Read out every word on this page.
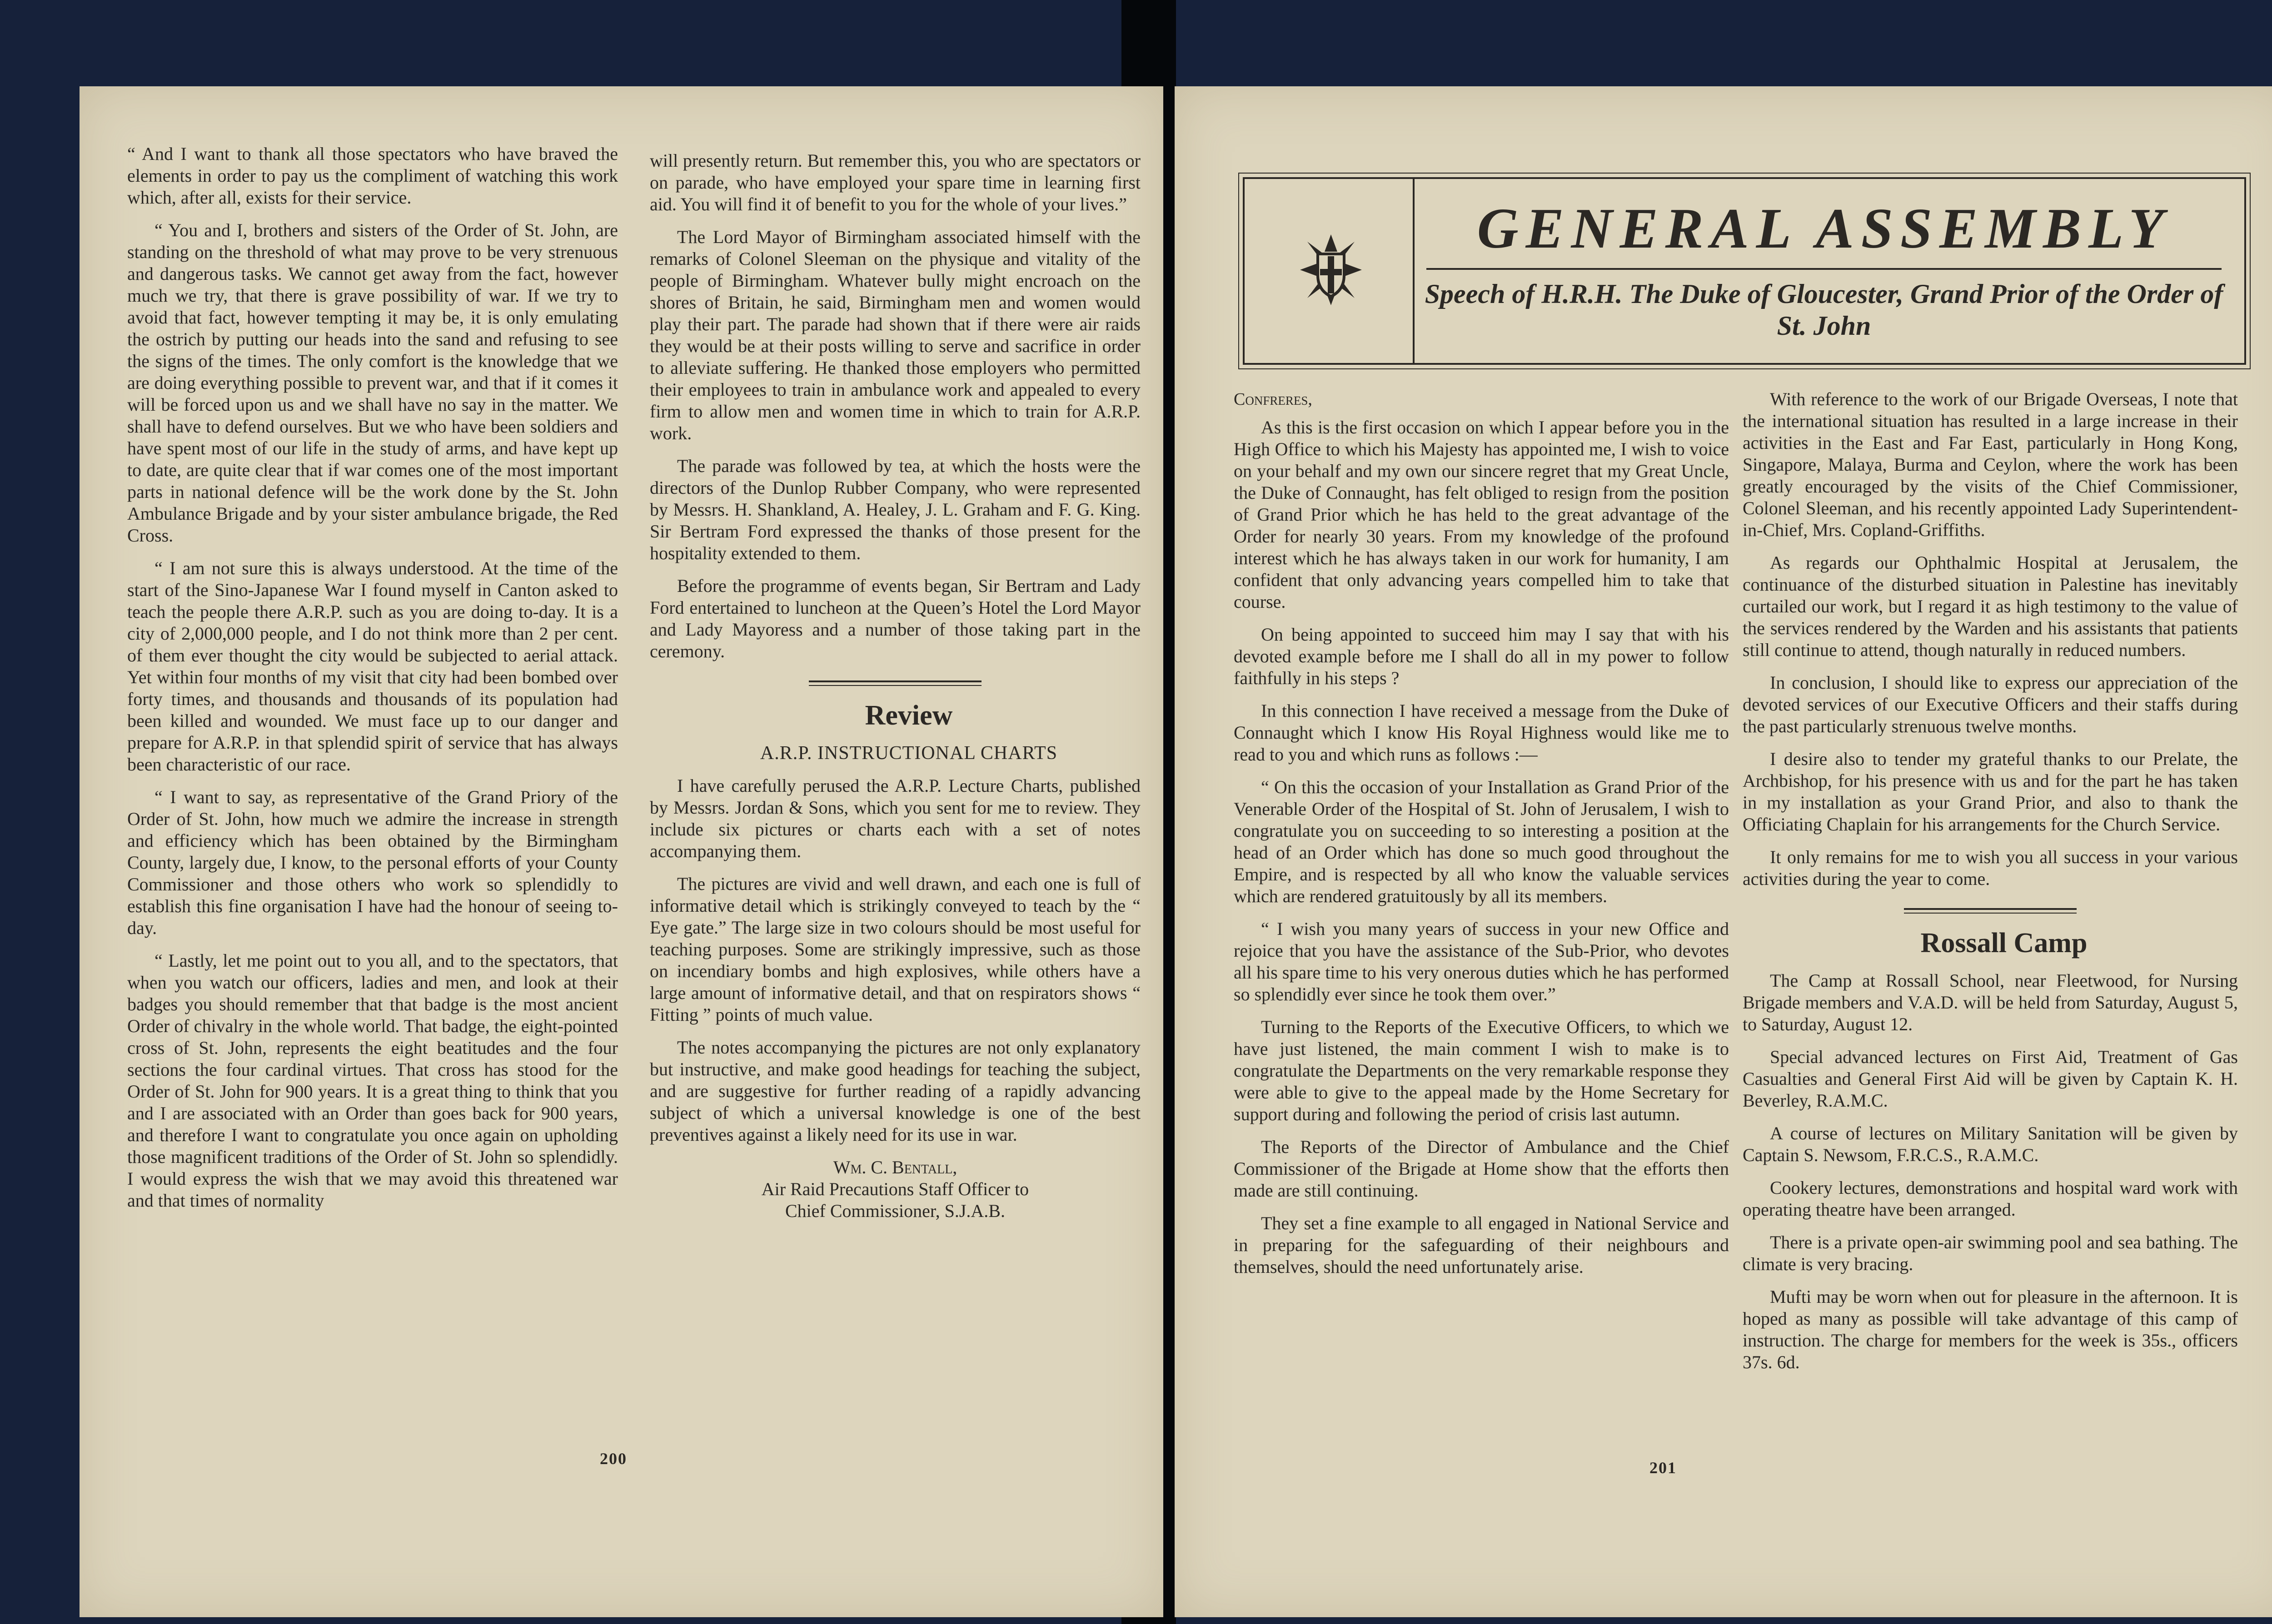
“ And I want to thank all those spectators who have braved the elements in order to pay us the compliment of watching this work which, after all, exists for their service.

“ You and I, brothers and sisters of the Order of St. John, are standing on the threshold of what may prove to be very strenuous and dangerous tasks. We cannot get away from the fact, however much we try, that there is grave possibility of war. If we try to avoid that fact, however tempting it may be, it is only emulating the ostrich by putting our heads into the sand and refusing to see the signs of the times. The only comfort is the knowledge that we are doing everything possible to prevent war, and that if it comes it will be forced upon us and we shall have no say in the matter. We shall have to defend ourselves. But we who have been soldiers and have spent most of our life in the study of arms, and have kept up to date, are quite clear that if war comes one of the most important parts in national defence will be the work done by the St. John Ambulance Brigade and by your sister ambulance brigade, the Red Cross.

“ I am not sure this is always understood. At the time of the start of the Sino-Japanese War I found myself in Canton asked to teach the people there A.R.P. such as you are doing to-day. It is a city of 2,000,000 people, and I do not think more than 2 per cent. of them ever thought the city would be subjected to aerial attack. Yet within four months of my visit that city had been bombed over forty times, and thousands and thousands of its population had been killed and wounded. We must face up to our danger and prepare for A.R.P. in that splendid spirit of service that has always been characteristic of our race.

“ I want to say, as representative of the Grand Priory of the Order of St. John, how much we admire the increase in strength and efficiency which has been obtained by the Birmingham County, largely due, I know, to the personal efforts of your County Commissioner and those others who work so splendidly to establish this fine organisation I have had the honour of seeing to-day.

“ Lastly, let me point out to you all, and to the spectators, that when you watch our officers, ladies and men, and look at their badges you should remember that that badge is the most ancient Order of chivalry in the whole world. That badge, the eight-pointed cross of St. John, represents the eight beatitudes and the four sections the four cardinal virtues. That cross has stood for the Order of St. John for 900 years. It is a great thing to think that you and I are associated with an Order than goes back for 900 years, and therefore I want to congratulate you once again on upholding those magnificent traditions of the Order of St. John so splendidly. I would express the wish that we may avoid this threatened war and that times of normality

will presently return. But remember this, you who are spectators or on parade, who have employed your spare time in learning first aid. You will find it of benefit to you for the whole of your lives.”

The Lord Mayor of Birmingham associated himself with the remarks of Colonel Sleeman on the physique and vitality of the people of Birmingham. Whatever bully might encroach on the shores of Britain, he said, Birmingham men and women would play their part. The parade had shown that if there were air raids they would be at their posts willing to serve and sacrifice in order to alleviate suffering. He thanked those employers who permitted their employees to train in ambulance work and appealed to every firm to allow men and women time in which to train for A.R.P. work.

The parade was followed by tea, at which the hosts were the directors of the Dunlop Rubber Company, who were represented by Messrs. H. Shankland, A. Healey, J. L. Graham and F. G. King. Sir Bertram Ford expressed the thanks of those present for the hospitality extended to them.

Before the programme of events began, Sir Bertram and Lady Ford entertained to luncheon at the Queen’s Hotel the Lord Mayor and Lady Mayoress and a number of those taking part in the ceremony.

Review

A.R.P. INSTRUCTIONAL CHARTS

I have carefully perused the A.R.P. Lecture Charts, published by Messrs. Jordan & Sons, which you sent for me to review. They include six pictures or charts each with a set of notes accompanying them.

The pictures are vivid and well drawn, and each one is full of informative detail which is strikingly conveyed to teach by the “ Eye gate.” The large size in two colours should be most useful for teaching purposes. Some are strikingly impressive, such as those on incendiary bombs and high explosives, while others have a large amount of informative detail, and that on respirators shows “ Fitting ” points of much value.

The notes accompanying the pictures are not only explanatory but instructive, and make good headings for teaching the subject, and are suggestive for further reading of a rapidly advancing subject of which a universal knowledge is one of the best preventives against a likely need for its use in war.

Wm. C. Bentall,

Air Raid Precautions Staff Officer to

Chief Commissioner, S.J.A.B.

200
GENERAL ASSEMBLY
Speech of H.R.H. The Duke of Gloucester, Grand Prior of the Order of St. John

Confreres,

As this is the first occasion on which I appear before you in the High Office to which his Majesty has appointed me, I wish to voice on your behalf and my own our sincere regret that my Great Uncle, the Duke of Connaught, has felt obliged to resign from the position of Grand Prior which he has held to the great advantage of the Order for nearly 30 years. From my knowledge of the profound interest which he has always taken in our work for humanity, I am confident that only advancing years compelled him to take that course.

On being appointed to succeed him may I say that with his devoted example before me I shall do all in my power to follow faithfully in his steps ?

In this connection I have received a message from the Duke of Connaught which I know His Royal Highness would like me to read to you and which runs as follows :—

“ On this the occasion of your Installation as Grand Prior of the Venerable Order of the Hospital of St. John of Jerusalem, I wish to congratulate you on succeeding to so interesting a position at the head of an Order which has done so much good throughout the Empire, and is respected by all who know the valuable services which are rendered gratuitously by all its members.

“ I wish you many years of success in your new Office and rejoice that you have the assistance of the Sub-Prior, who devotes all his spare time to his very onerous duties which he has performed so splendidly ever since he took them over.”

Turning to the Reports of the Executive Officers, to which we have just listened, the main comment I wish to make is to congratulate the Departments on the very remarkable response they were able to give to the appeal made by the Home Secretary for support during and following the period of crisis last autumn.

The Reports of the Director of Ambulance and the Chief Commissioner of the Brigade at Home show that the efforts then made are still continuing.

They set a fine example to all engaged in National Service and in preparing for the safeguarding of their neighbours and themselves, should the need unfortunately arise.

With reference to the work of our Brigade Overseas, I note that the international situation has resulted in a large increase in their activities in the East and Far East, particularly in Hong Kong, Singapore, Malaya, Burma and Ceylon, where the work has been greatly encouraged by the visits of the Chief Commissioner, Colonel Sleeman, and his recently appointed Lady Superintendent-in-Chief, Mrs. Copland-Griffiths.

As regards our Ophthalmic Hospital at Jerusalem, the continuance of the disturbed situation in Palestine has inevitably curtailed our work, but I regard it as high testimony to the value of the services rendered by the Warden and his assistants that patients still continue to attend, though naturally in reduced numbers.

In conclusion, I should like to express our appreciation of the devoted services of our Executive Officers and their staffs during the past particularly strenuous twelve months.

I desire also to tender my grateful thanks to our Prelate, the Archbishop, for his presence with us and for the part he has taken in my installation as your Grand Prior, and also to thank the Officiating Chaplain for his arrangements for the Church Service.

It only remains for me to wish you all success in your various activities during the year to come.

Rossall Camp

The Camp at Rossall School, near Fleetwood, for Nursing Brigade members and V.A.D. will be held from Saturday, August 5, to Saturday, August 12.

Special advanced lectures on First Aid, Treatment of Gas Casualties and General First Aid will be given by Captain K. H. Beverley, R.A.M.C.

A course of lectures on Military Sanitation will be given by Captain S. Newsom, F.R.C.S., R.A.M.C.

Cookery lectures, demonstrations and hospital ward work with operating theatre have been arranged.

There is a private open-air swimming pool and sea bathing. The climate is very bracing.

Mufti may be worn when out for pleasure in the afternoon. It is hoped as many as possible will take advantage of this camp of instruction. The charge for members for the week is 35s., officers 37s. 6d.

201
